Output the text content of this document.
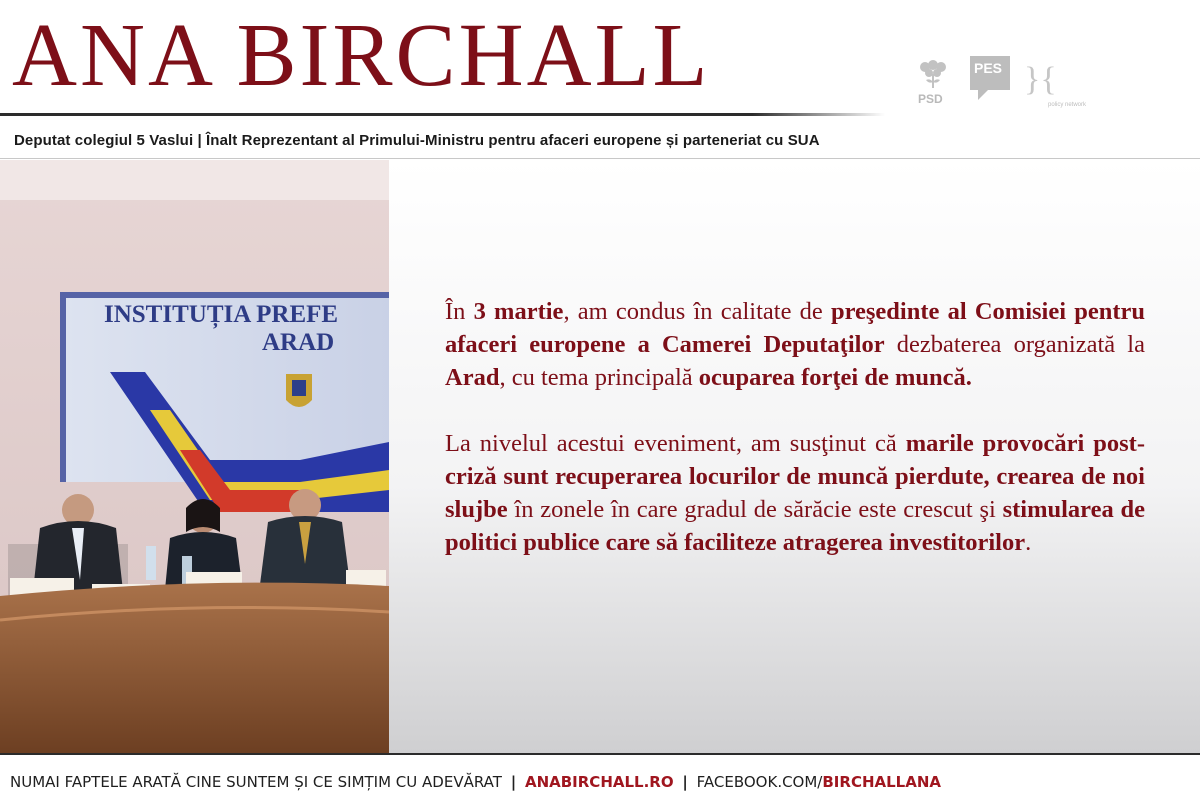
ANA BIRCHALL	PSD
PES }{
policy network

Deputat colegiul 5 Vaslui | Înalt Reprezentant al Primului-Ministru pentru afaceri europene și parteneriat cu SUA

INSTITUȚIA PREFE
ARAD

În 3 martie, am condus în calitate de preşedinte al Comisiei pentru afaceri europene a Camerei Deputaţilor dezbaterea organizată la Arad, cu tema principală ocuparea forţei de muncă.

La nivelul acestui eveniment, am susţinut că marile provocări post-criză sunt recuperarea locurilor de muncă pierdute, crearea de noi slujbe în zonele în care gradul de sărăcie este crescut şi stimularea de politici publice care să faciliteze atragerea investitorilor.

NUMAI FAPTELE ARATĂ CINE SUNTEM ȘI CE SIMȚIM CU ADEVĂRAT | ANABIRCHALL.RO | FACEBOOK.COM/BIRCHALLANA
